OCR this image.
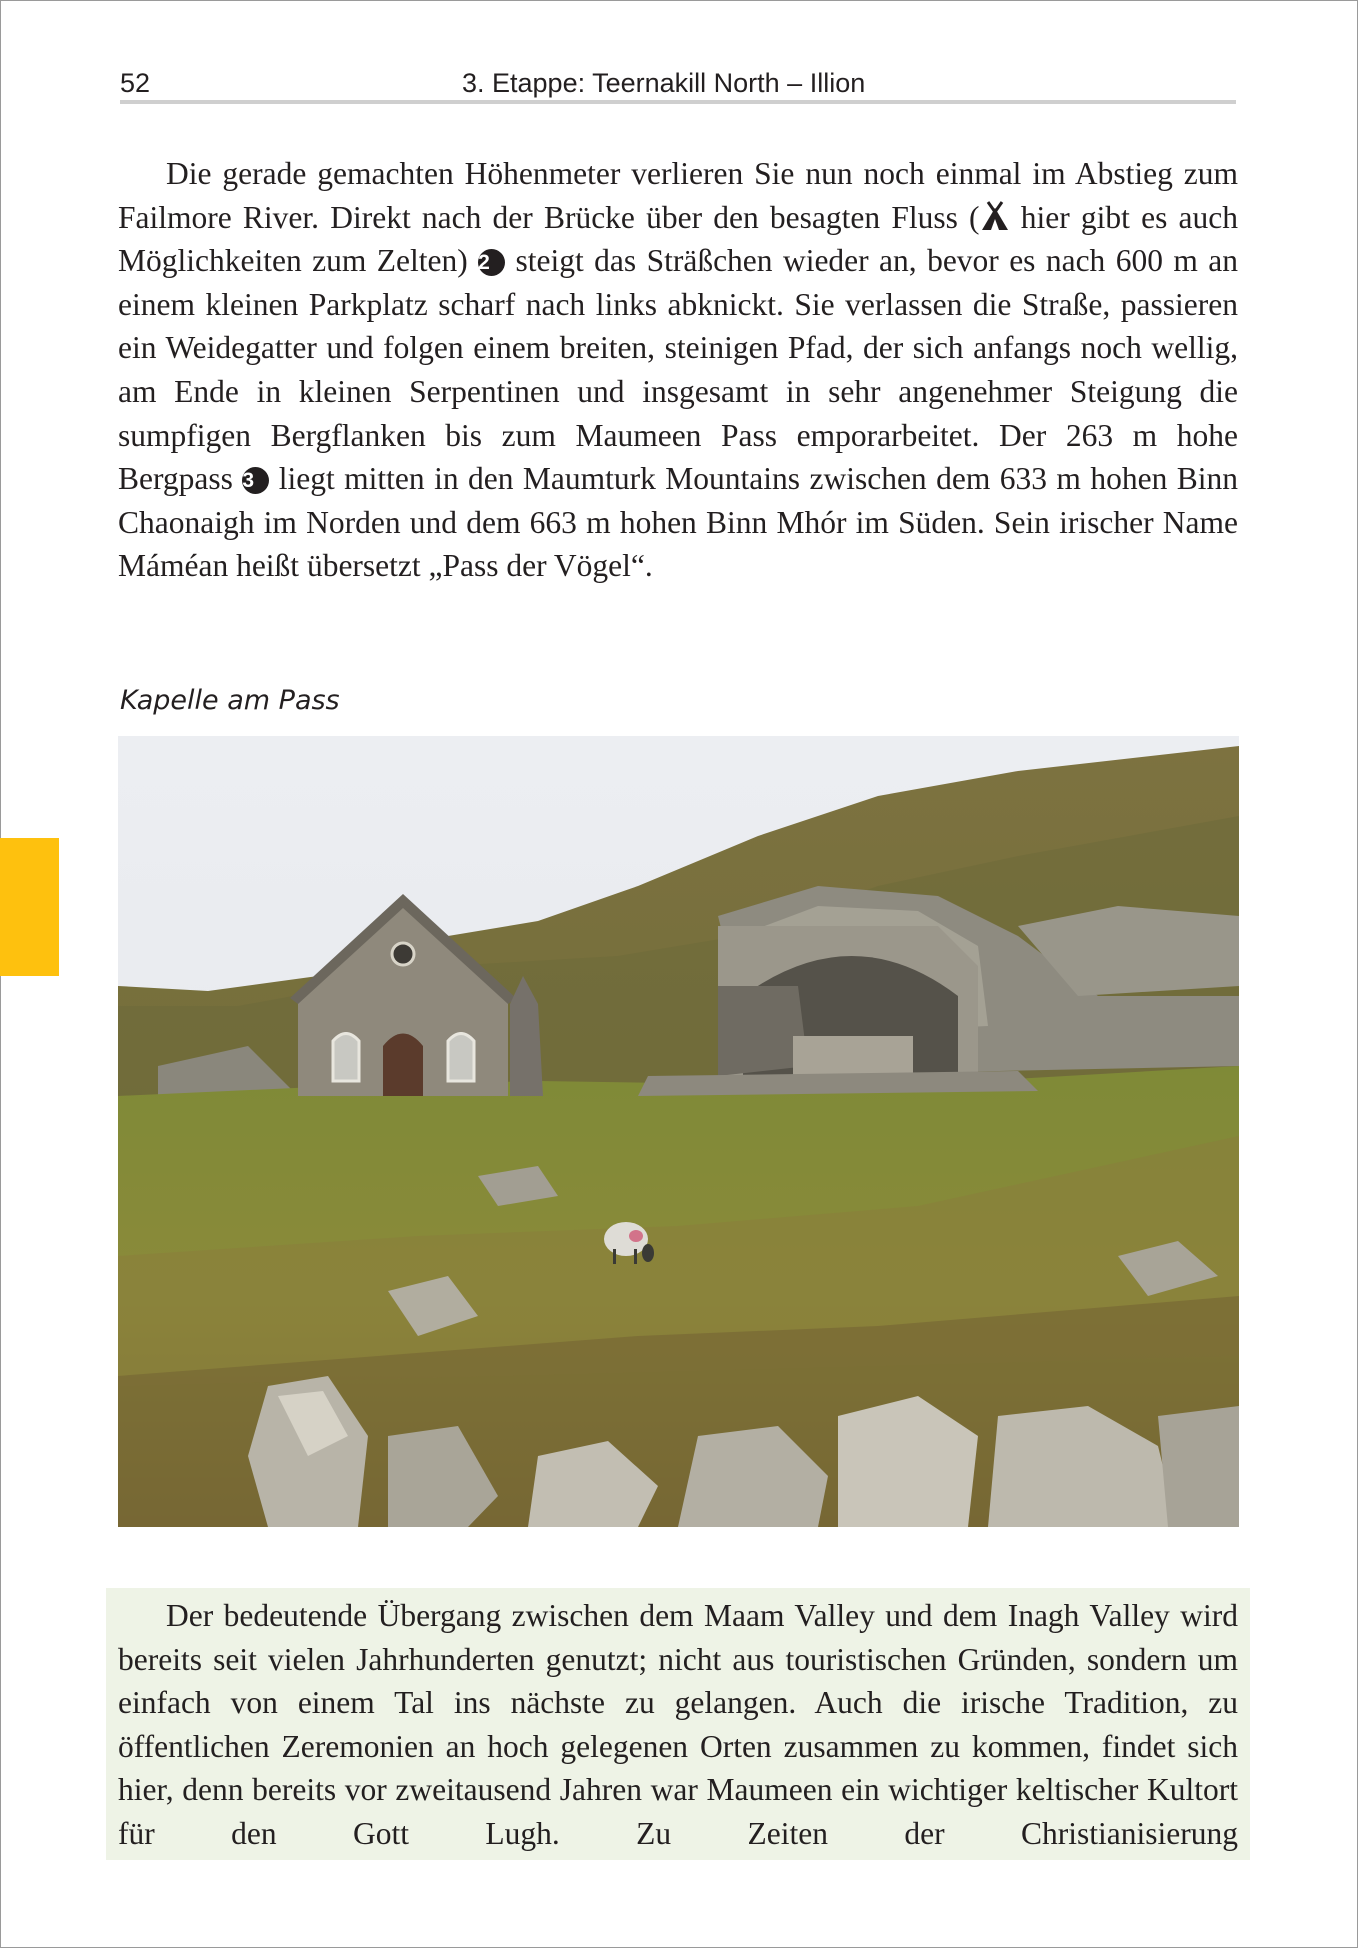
52	3. Etappe: Teernakill North – Illion

Die gerade gemachten Höhenmeter verlieren Sie nun noch einmal im Abstieg zum Failmore River. Direkt nach der Brücke über den besagten Fluss ( hier gibt es auch Möglichkeiten zum Zelten) 2 steigt das Sträßchen wieder an, bevor es nach 600 m an einem kleinen Parkplatz scharf nach links abknickt. Sie verlassen die Straße, passieren ein Weidegatter und folgen einem breiten, steinigen Pfad, der sich anfangs noch wellig, am Ende in kleinen Serpentinen und insgesamt in sehr angenehmer Steigung die sumpfigen Bergflanken bis zum Maumeen Pass emporarbeitet. Der 263 m hohe Bergpass 3 liegt mitten in den Maumturk Mountains zwischen dem 633 m hohen Binn Chaonaigh im Norden und dem 663 m hohen Binn Mhór im Süden. Sein irischer Name Máméan heißt übersetzt „Pass der Vögel“.

Kapelle am Pass

Der bedeutende Übergang zwischen dem Maam Valley und dem Inagh Valley wird bereits seit vielen Jahrhunderten genutzt; nicht aus touristischen Gründen, sondern um einfach von einem Tal ins nächste zu gelangen. Auch die irische Tradition, zu öffentlichen Zeremonien an hoch gelegenen Orten zusammen zu kommen, findet sich hier, denn bereits vor zweitausend Jahren war Maumeen ein wichtiger keltischer Kultort für den Gott Lugh. Zu Zeiten der Christianisierung
